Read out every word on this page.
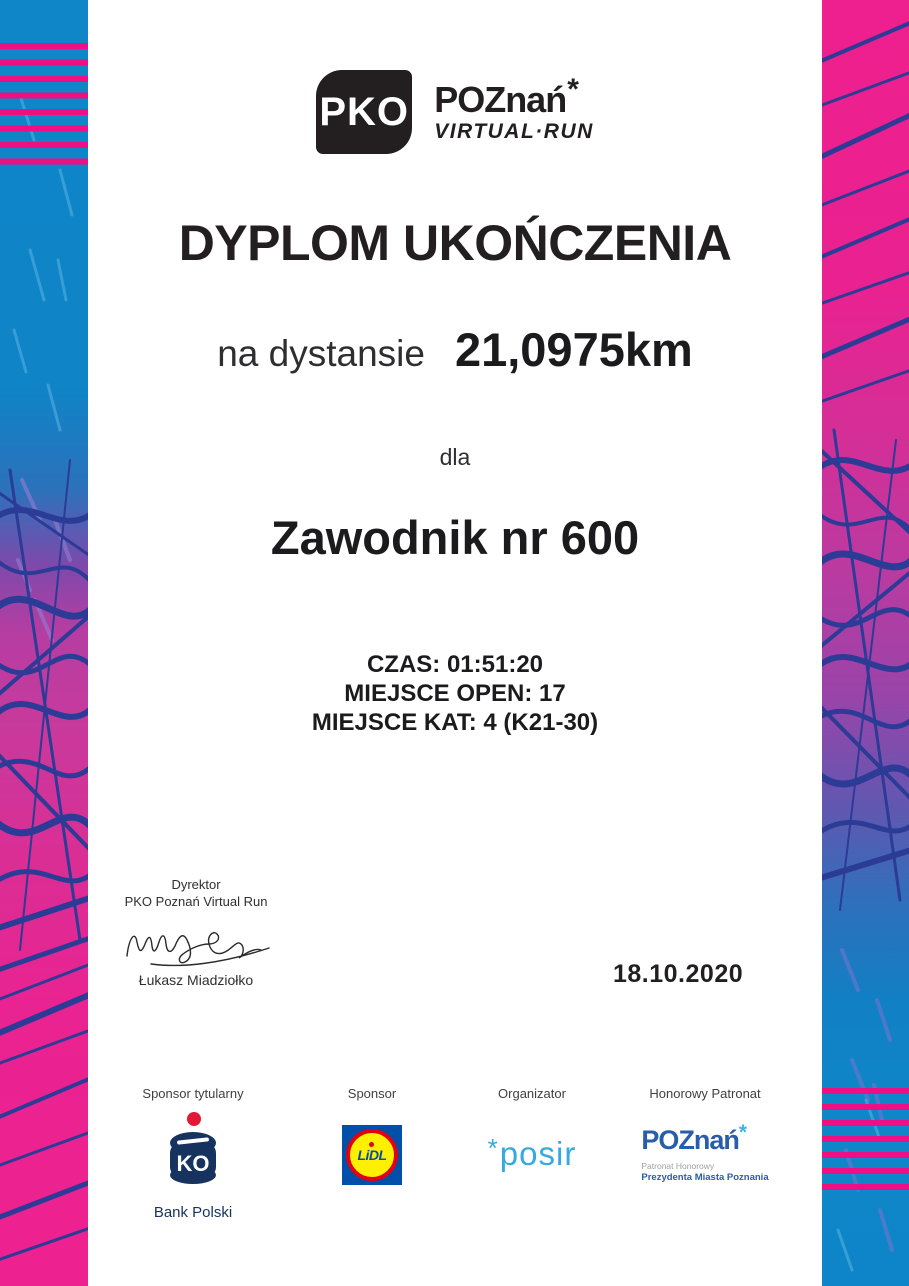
PKO POZnań*
VIRTUAL·RUN
DYPLOM UKOŃCZENIA
na dystansie 21,0975km
dla
Zawodnik nr 600
CZAS: 01:51:20
MIEJSCE OPEN: 17
MIEJSCE KAT: 4 (K21-30)
Dyrektor
PKO Poznań Virtual Run
Łukasz Miadziołko	18.10.2020
Sponsor tytularny
KO
Bank Polski
Sponsor
LiDL
Organizator
*posir
Honorowy Patronat
POZnań*
Patronat Honorowy
Prezydenta Miasta Poznania
